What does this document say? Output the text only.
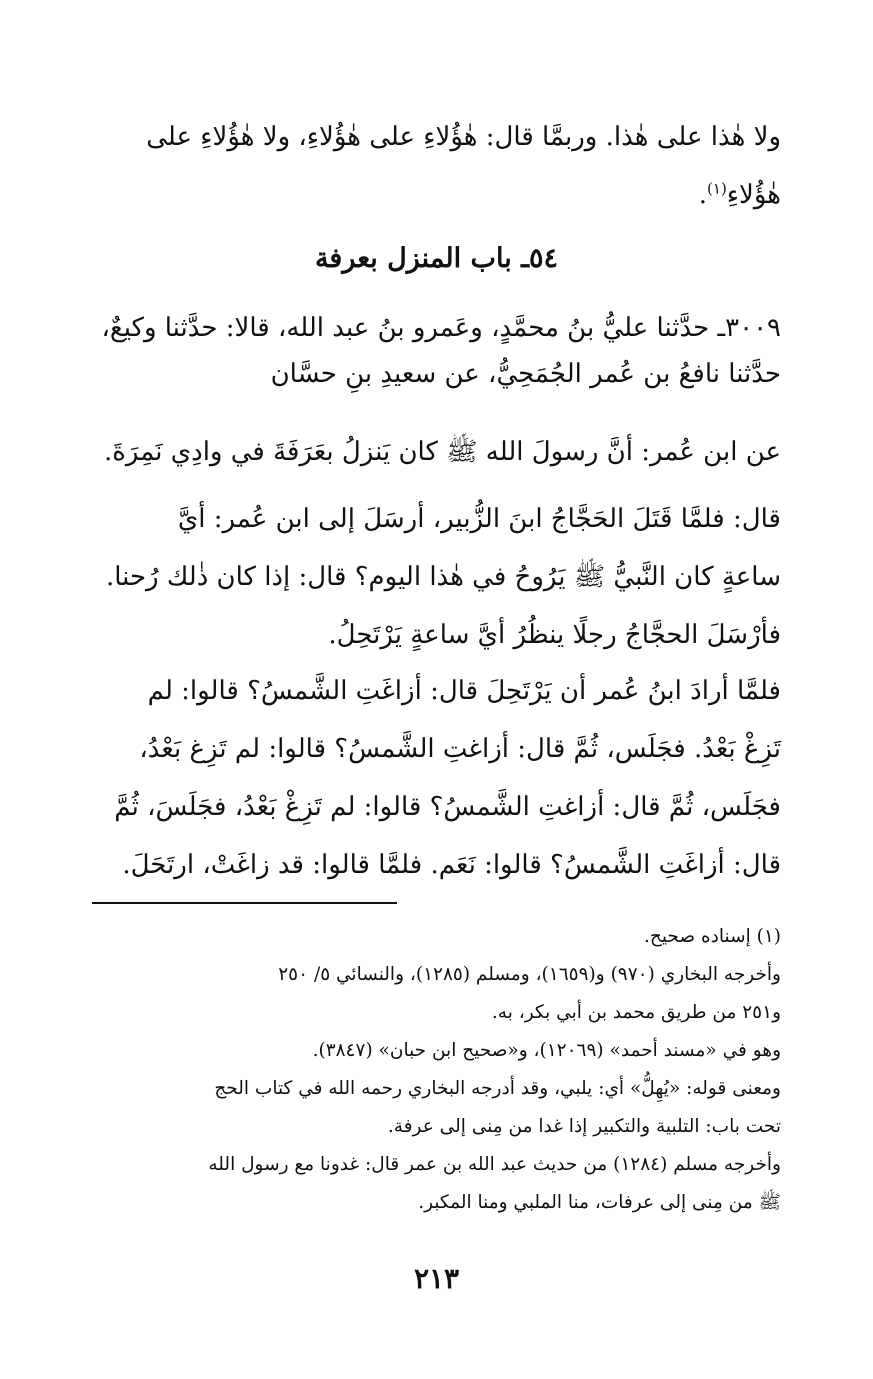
ولا هٰذا على هٰذا. وربمَّا قال: هٰؤُلاءِ على هٰؤُلاءِ، ولا هٰؤُلاءِ على
هٰؤُلاءِ$^{(١)}$.
٥٤ـ باب المنزل بعرفة
٣٠٠٩ـ حدَّثنا عليُّ بنُ محمَّدٍ، وعَمرو بنُ عبد الله، قالا: حدَّثنا وكيعٌ،
حدَّثنا نافعُ بن عُمر الجُمَحِيُّ، عن سعيدِ بنِ حسَّان
عن ابن عُمر: أنَّ رسولَ الله ﷺ كان يَنزلُ بعَرَفَةَ في وادِي نَمِرَةَ.
قال: فلمَّا قَتَلَ الحَجَّاجُ ابنَ الزُّبير، أرسَلَ إلى ابن عُمر: أيَّ
ساعةٍ كان النَّبيُّ ﷺ يَرُوحُ في هٰذا اليوم؟ قال: إذا كان ذٰلك رُحنا.
فأرْسَلَ الحجَّاجُ رجلًا ينظُرُ أيَّ ساعةٍ يَرْتَحِلُ.
فلمَّا أرادَ ابنُ عُمر أن يَرْتَحِلَ قال: أزاغَتِ الشَّمسُ؟ قالوا: لم
تَزِغْ بَعْدُ. فجَلَس، ثُمَّ قال: أزاغتِ الشَّمسُ؟ قالوا: لم تَزِغ بَعْدُ،
فجَلَس، ثُمَّ قال: أزاغتِ الشَّمسُ؟ قالوا: لم تَزِغْ بَعْدُ، فجَلَسَ، ثُمَّ
قال: أزاغَتِ الشَّمسُ؟ قالوا: نَعَم. فلمَّا قالوا: قد زاغَتْ، ارتَحَلَ.
(١) إسناده صحيح.
وأخرجه البخاري (٩٧٠) و(١٦٥٩)، ومسلم (١٢٨٥)، والنسائي ٥/ ٢٥٠
و٢٥١ من طريق محمد بن أبي بكر، به.
وهو في «مسند أحمد» (١٢٠٦٩)، و«صحيح ابن حبان» (٣٨٤٧).
ومعنى قوله: «يُهِلُّ» أي: يلبي، وقد أدرجه البخاري رحمه الله في كتاب الحج
تحت باب: التلبية والتكبير إذا غدا من مِنى إلى عرفة.
وأخرجه مسلم (١٢٨٤) من حديث عبد الله بن عمر قال: غدونا مع رسول الله
ﷺ من مِنى إلى عرفات، منا الملبي ومنا المكبر.
٢١٣
